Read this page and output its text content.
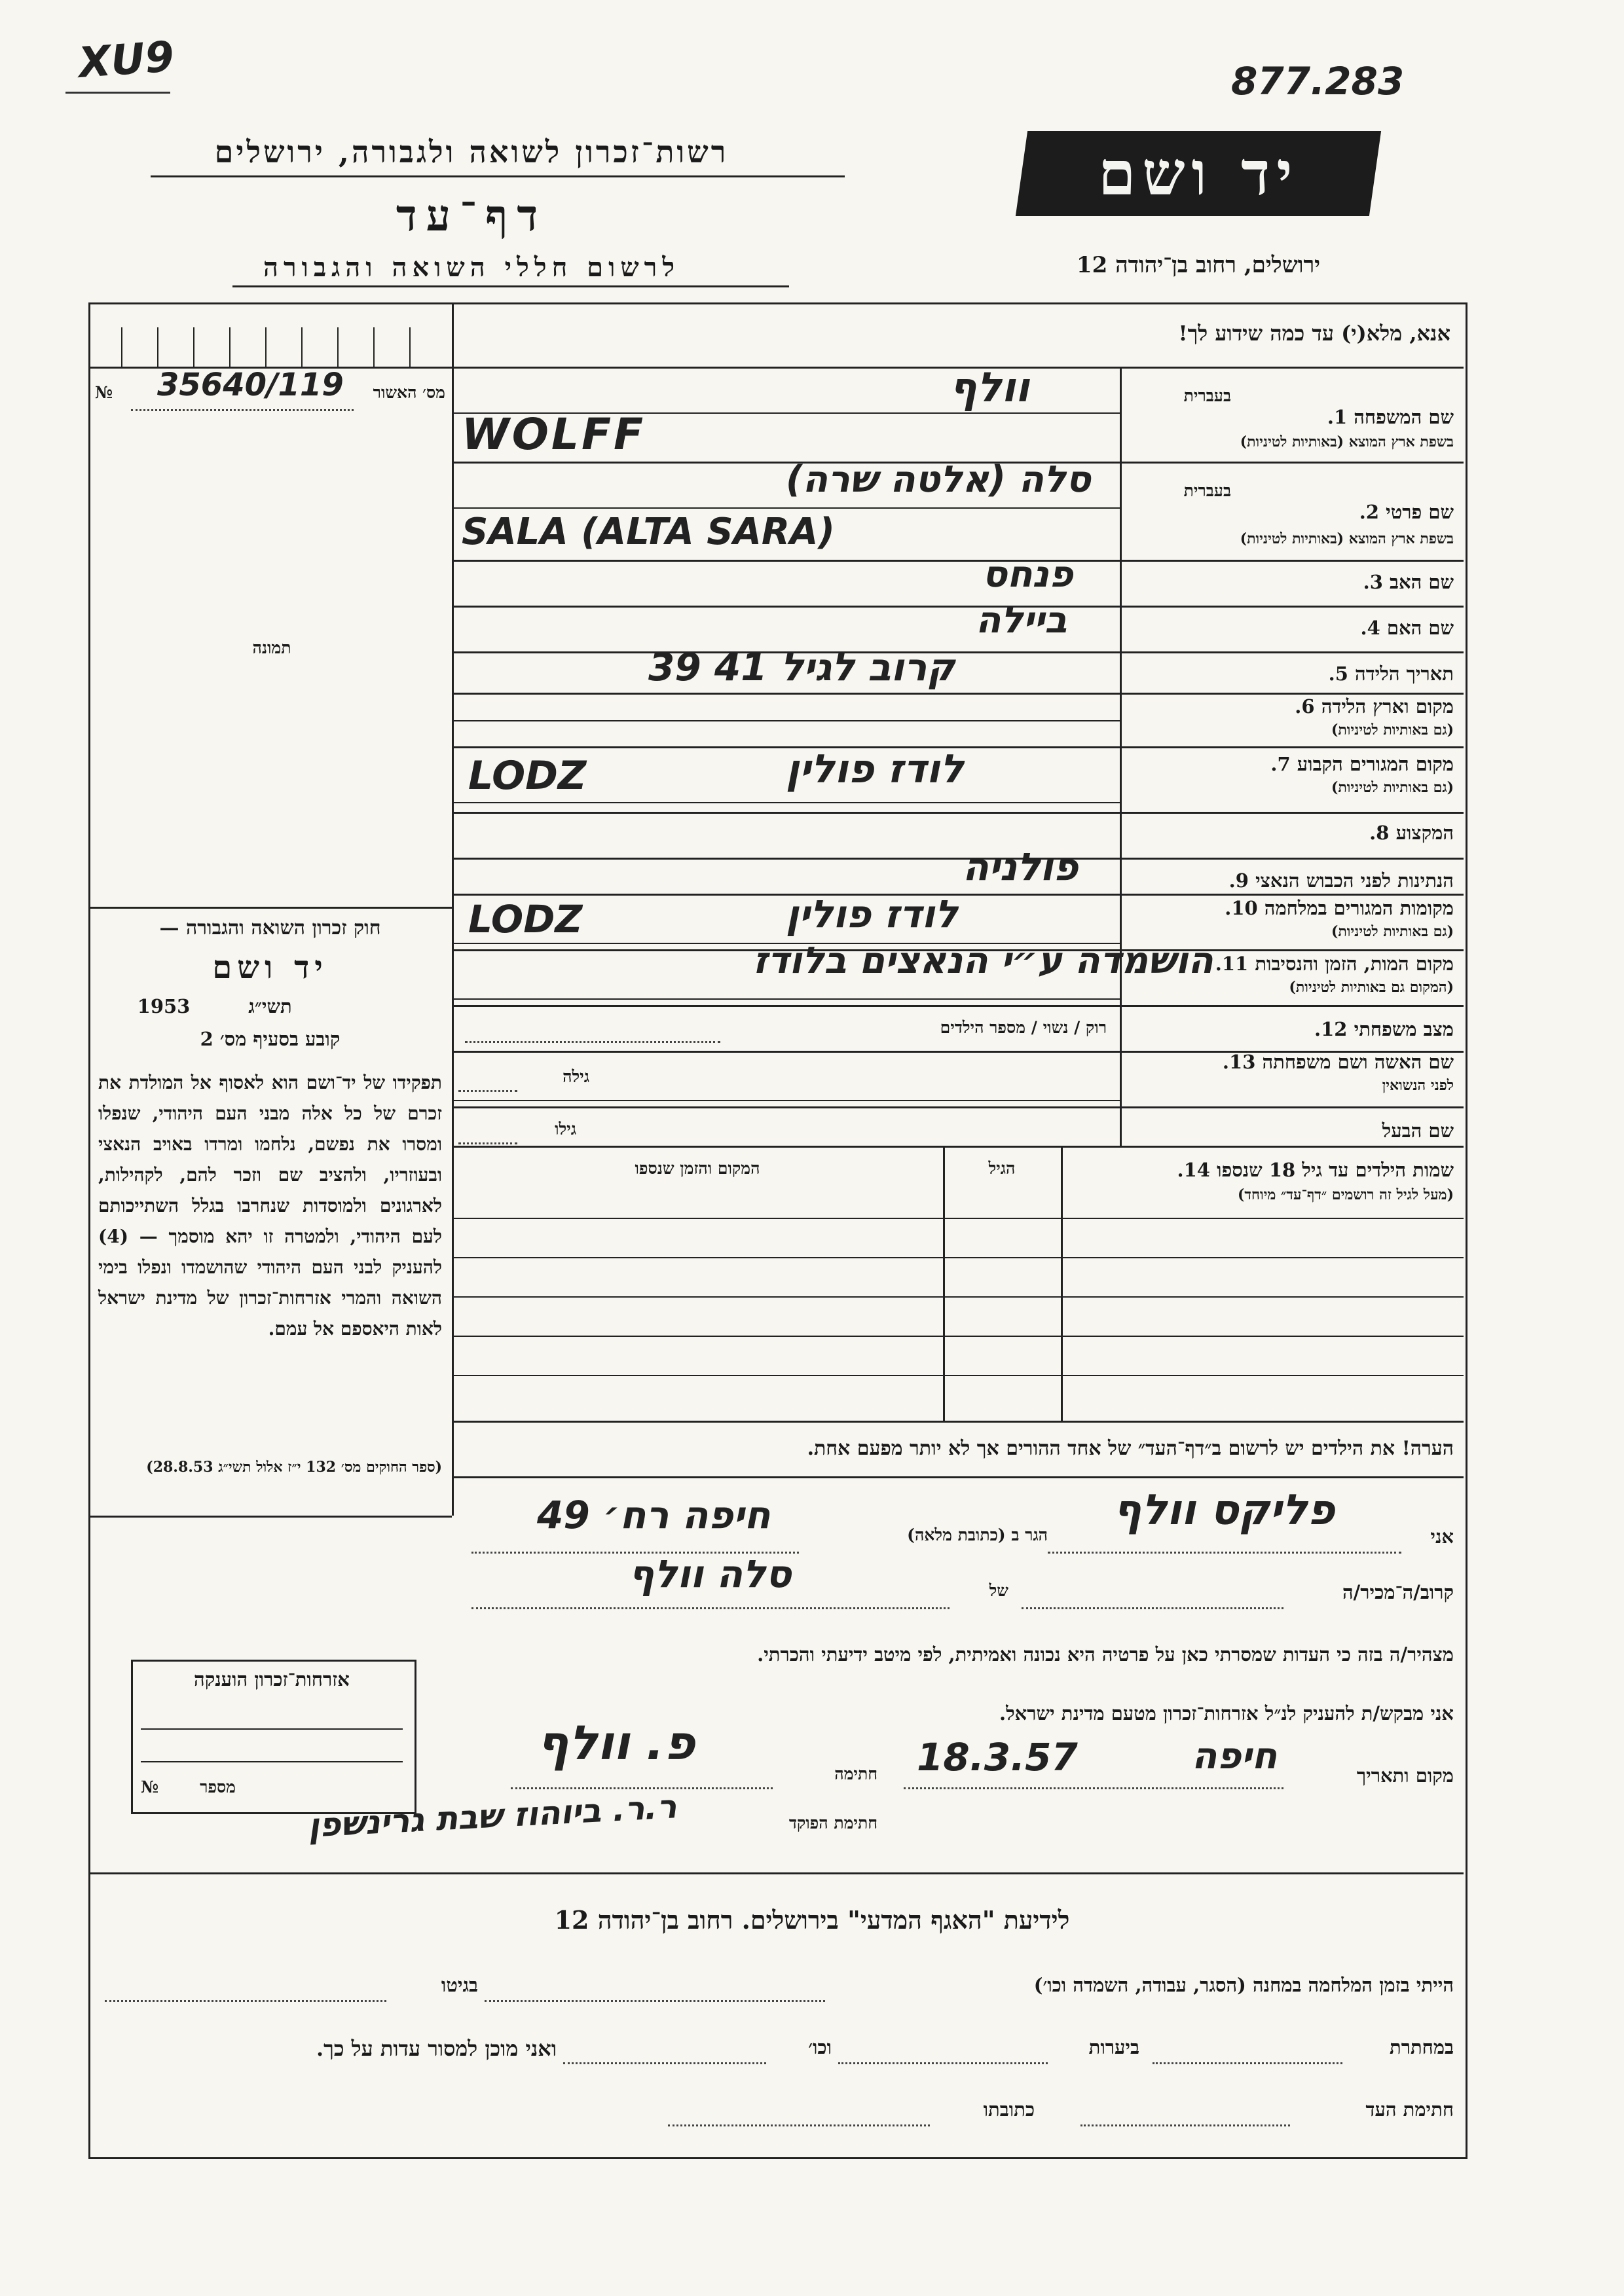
XU9	877.283
רשות־זכרון לשואה ולגבורה, ירושלים
דף־עד
לרשום חללי השואה והגבורה
יד ושם
ירושלים, רחוב בן־יהודה 12
מס׳ האשור
35640/119
№
תמונה
אנא, מלא(י) עד כמה שידוע לך!
בעברית
שם המשפחה 1.
בשפת ארץ המוצא (באותיות לטיניות)
וולף
WOLFF
בעברית
שם פרטי 2.
בשפת ארץ המוצא (באותיות לטיניות)
סלה (אלטה שרה)
SALA (ALTA SARA)
שם האב 3.
פנחס
שם האם 4.
ביילה
תאריך הלידה 5.
קרוב לגיל 41 39
מקום וארץ הלידה 6.
(גם באותיות לטיניות)
מקום המגורים הקבוע 7.
(גם באותיות לטיניות)
לודז פולין
LODZ
המקצוע 8.
הנתינות לפני הכבוש הנאצי 9.
פולניה
מקומות המגורים במלחמה 10.
(גם באותיות לטיניות)
לודז פולין
LODZ
מקום המות, הזמן והנסיבות 11.
(המקום גם באותיות לטיניות)
הושמדה ע״י הנאצים בלודז
מצב משפחתי 12.
רוק / נשוי / מספר הילדים
שם האשה ושם משפחתה 13.
לפני הנשואין
גילה
שם הבעל
גילו
שמות הילדים עד גיל 18 שנספו 14.
(מעל לגיל זה רושמים ״דף־עד״ מיוחד)
הגיל
המקום והזמן שנספו
הערה! את הילדים יש לרשום ב״דף־העד״ של אחד ההורים אך לא יותר מפעם אחת.
חוק זכרון השואה והגבורה —
יד ושם
תשי״ג
1953
קובע בסעיף מס׳ 2
תפקידו של יד־ושם הוא לאסוף אל המולדת את זכרם של כל אלה מבני העם היהודי, שנפלו ומסרו את נפשם, נלחמו ומרדו באויב הנאצי ובעוזריו, ולהציב שם וזכר להם, לקהילות, לארגונים ולמוסדות שנחרבו בגלל השתייכותם לעם היהודי, ולמטרה זו יהא מוסמך — (4) להעניק לבני העם היהודי שהושמדו ונפלו בימי השואה והמרי אזרחות־זכרון של מדינת ישראל לאות היאספם אל עמם.
(ספר החוקים מס׳ 132 י״ז אלול תשי״ג 28.8.53)
אני
פליקס וולף
הגר ב (כתובת מלאה)
חיפה רח׳ 49
קרוב/ה־מכיר/ה
של
סלה וולף
מצהיר/ה בזה כי העדות שמסרתי כאן על פרטיה היא נכונה ואמיתית, לפי מיטב ידיעתי והכרתי.
אני מבקש/ת להעניק לנ״ל אזרחות־זכרון מטעם מדינת ישראל.
מקום ותאריך
חיפה
18.3.57
חתימה
פ. וולף
חתימת הפוקד
ר.ר. ביוהוז שבת גרינשפן
אזרחות־זכרון הוענקה
מספר
№
לידיעת "האגף המדעי" בירושלים. רחוב בן־יהודה 12
הייתי בזמן המלחמה במחנה (הסגר, עבודה, השמדה וכו׳)
בגיטו
במחתרת
ביערות
וכו׳
ואני מוכן למסור עדות על כך.
חתימת העד
כתובתו
